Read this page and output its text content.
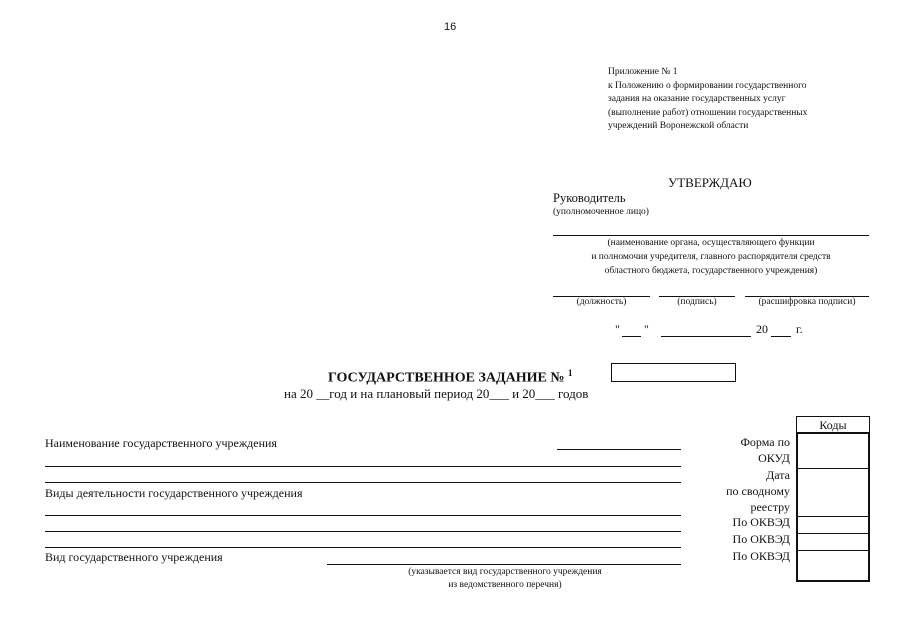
16
Приложение № 1
к Положению о формировании государственного
задания на оказание государственных услуг
(выполнение работ) отношении государственных
учреждений Воронежской области
УТВЕРЖДАЮ
Руководитель
(уполномоченное лицо)
(наименование органа, осуществляющего функции
и полномочия учредителя, главного распорядителя средств
областного бюджета, государственного учреждения)
(должность)	(подпись)	(расшифровка подписи)
" "	20 г.
ГОСУДАРСТВЕННОЕ ЗАДАНИЕ № $^1$
на 20 __год и на плановый период 20___ и 20___ годов
Наименование государственного учреждения
Виды деятельности государственного учреждения
Вид государственного учреждения
(указывается вид государственного учреждения
из ведомственного перечня)
Коды
Форма по
ОКУД
Дата
по сводному
реестру
По ОКВЭД
По ОКВЭД
По ОКВЭД
